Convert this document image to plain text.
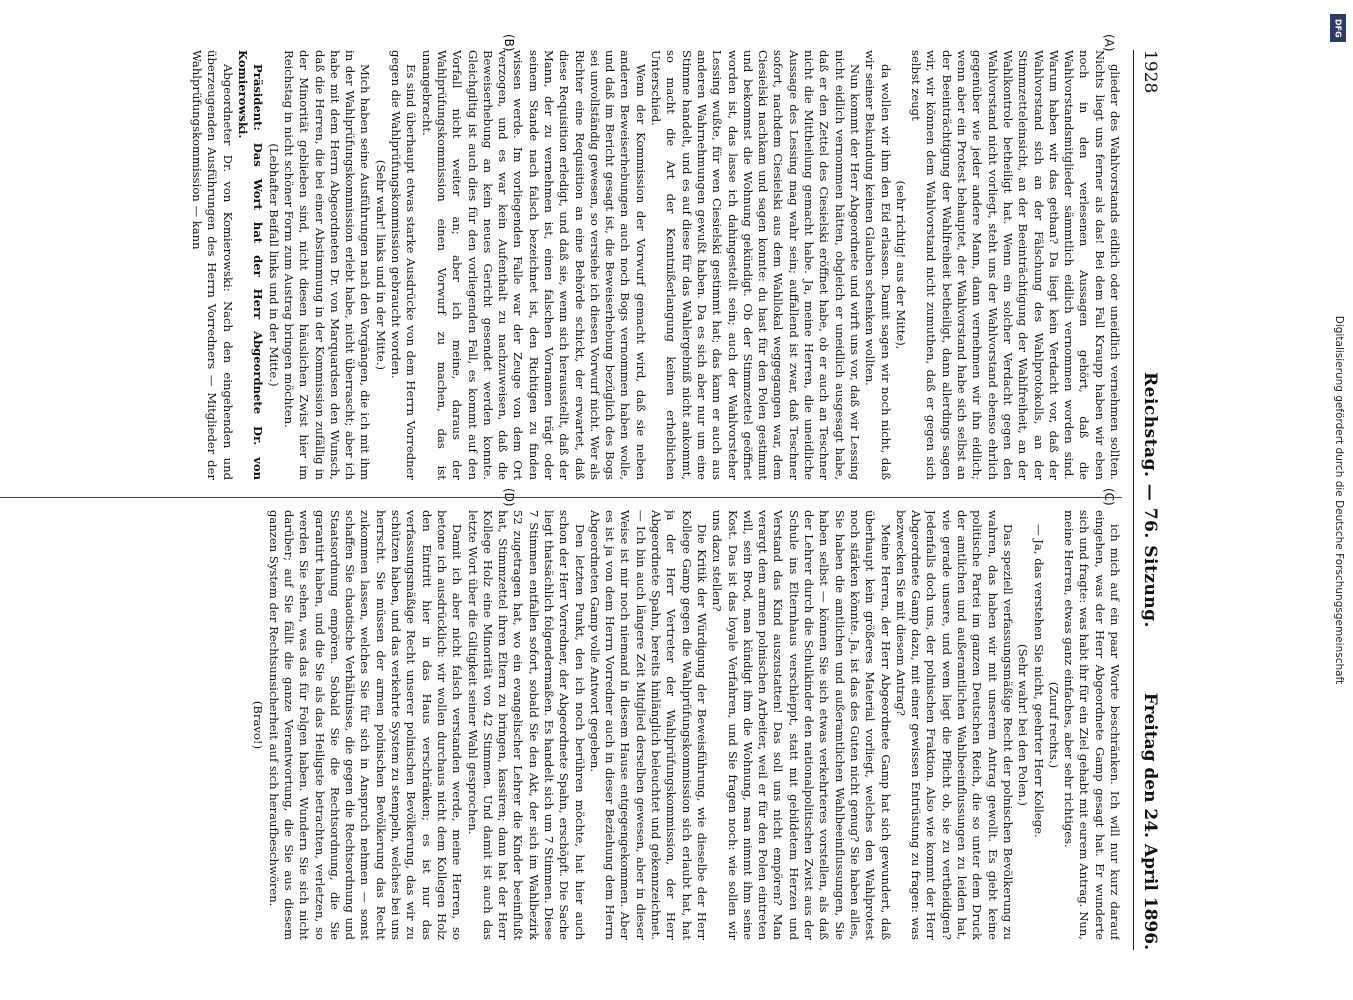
1928
Reichstag. — 76. Sitzung.
Freitag den 24. April 1896.
(A)
(B)
(C)
(D)

glieder des Wahlvorstands eidlich oder uneidlich vernehmen sollten. Nichts liegt uns ferner als das! Bei dem Fall Kraupp haben wir eben noch in den verlesenen Aussagen gehört, daß die Wahlvorstandsmitglieder sämmtlich eidlich vernommen worden sind. Warum haben wir das gethan? Da liegt kein Verdacht vor, daß der Wahlvorstand sich an der Fälschung des Wahlprotokolls, an der Stimmzetteleinsicht, an der Beeinträchtigung der Wahlfreiheit, an der Wahlkontrole betheiligt hat. Wenn ein solcher Verdacht gegen den Wahlvorstand nicht vorliegt, steht uns der Wahlvorstand ebenso ehrlich gegenüber wie jeder andere Mann, dann vernehmen wir ihn eidlich; wenn aber ein Protest behauptet, der Wahlvorstand habe sich selbst an der Beeinträchtigung der Wahlfreiheit betheiligt, dann allerdings sagen wir, wir können dem Wahlvorstand nicht zumuthen, daß er gegen sich selbst zeugt

(sehr richtig! aus der Mitte),

da wollen wir ihm den Eid erlassen. Damit sagen wir noch nicht, daß wir seiner Bekundung keinen Glauben schenken wollten.

Nun kommt der Herr Abgeordnete und wirft uns vor, daß wir Lessing nicht eidlich vernommen hätten, obgleich er uneidlich ausgesagt habe, daß er den Zettel des Ciesielski eröffnet habe, ob er auch an Teschner nicht die Mittheilung gemacht habe. Ja, meine Herren, die uneidliche Aussage des Lessing mag wahr sein; auffallend ist zwar, daß Teschner sofort, nachdem Ciesielski aus dem Wahllokal weggegangen war, dem Ciesielski nachkam und sagen konnte: du hast für den Polen gestimmt und bekommst die Wohnung gekündigt. Ob der Stimmzettel geöffnet worden ist, das lasse ich dahingestellt sein; auch der Wahlvorsteher Lessing wußte, für wen Ciesielski gestimmt hat; das kann er auch aus anderen Wahrnehmungen gewußt haben. Da es sich aber nur um eine Stimme handelt, und es auf diese für das Wahlergebniß nicht ankommt, so macht die Art der Kenntnißerlangung keinen erheblichen Unterschied.

Wenn der Kommission der Vorwurf gemacht wird, daß sie neben anderen Beweiserhebungen auch noch Bogs vernommen haben wolle, und daß im Bericht gesagt ist, die Beweiserhebung bezüglich des Bogs sei unvollständig gewesen, so versiehe ich diesen Vorwurf nicht. Wer als Richter eine Requisition an eine Behörde schickt, der erwartet, daß diese Requisition erledigt, und daß sie, wenn sich herausstellt, daß der Mann, der zu vernehmen ist, einen falschen Vornamen trägt oder seinem Stande nach falsch bezeichnet ist, den Richtigen zu finden wissen werde. Im vorliegenden Falle war der Zeuge von dem Ort verzogen, und es war kein Aufenthalt zu nachzuweisen, daß die Beweiserhebung an kein neues Gericht gesendet werden konnte. Gleichgiltig ist auch dies für den vorliegenden Fall, es kommt auf den Vorfall nicht weiter an; aber ich meine, daraus der Wahlprüfungskommission einen Vorwurf zu machen, das ist unangebracht.

Es sind überhaupt etwas starke Ausdrücke von dem Herrn Vorredner gegen die Wahlprüfungskommission gebraucht worden.

(Sehr wahr! links und in der Mitte.)

Mich haben seine Ausführungen nach den Vorgängen, die ich mit ihm in der Wahlprüfungskommission erlebt habe, nicht überrascht; aber ich habe mit dem Herrn Abgeordneten Dr. von Marquardsen den Wunsch, daß die Herren, die bei einer Abstimmung in der Kommission zufällig in der Minorität geblieben sind, nicht diesen häuslichen Zwist hier im Reichstag in nicht schöner Form zum Austrag bringen möchten.

(Lebhafter Beifall links und in der Mitte.)

Präsident: Das Wort hat der Herr Abgeordnete Dr. von Komierowski.

Abgeordneter Dr. von Komierowski: Nach den eingehenden und überzeugenden Ausführungen des Herrn Vorredners — Mitglieder der Wahlprüfungskommission — kann

ich mich auf ein paar Worte beschränken. Ich will nur kurz darauf eingehen, was der Herr Abgeordnete Gamp gesagt hat. Er wunderte sich und fragte: was habt ihr für ein Ziel gehabt mit eurem Antrag. Nun, meine Herren, etwas ganz einfaches, aber sehr richtiges.

(Zuruf rechts.)

— Ja, das verstehen Sie nicht, geehrter Herr Kollege.

(Sehr wahr! bei den Polen.)

Das speziell verfassungsmäßige Recht der polnischen Bevölkerung zu wahren, das haben wir mit unserem Antrag gewollt. Es giebt keine politische Partei im ganzen Deutschen Reich, die so unter dem Druck der amtlichen und außeramtlichen Wahlbeeinflussungen zu leiden hat, wie gerade unsere, und wem liegt die Pflicht ob, sie zu vertheidigen? Jedenfalls doch uns, der polnischen Fraktion. Also wie kommt der Herr Abgeordnete Gamp dazu, mit einer gewissen Entrüstung zu fragen: was bezwecken Sie mit diesem Antrag?

Meine Herren, der Herr Abgeordnete Gamp hat sich gewundert, daß überhaupt kein größeres Material vorliegt, welches den Wahlprotest noch stärken könnte. Ja, ist das des Guten nicht genug? Sie haben alles, Sie haben die amtlichen und außeramtlichen Wahlbeeinflussungen, Sie haben selbst — können Sie sich etwas verkehrteres vorstellen, als daß der Lehrer durch die Schulkinder den nationalpolitischen Zwist aus der Schule ins Elternhaus verschleppt, statt mit gebildetem Herzen und Verstand das Kind auszustatten! Das soll uns nicht empören? Man verargt dem armen polnischen Arbeiter, weil er für den Polen eintreten will, sein Brod, man kündigt ihm die Wohnung, man nimmt ihm seine Kost. Das ist das loyale Verfahren, und Sie fragen noch: wie sollen wir uns dazu stellen?

Die Kritik der Würdigung der Beweisführung, wie dieselbe der Herr Kollege Gamp gegen die Wahlprüfungskommission sich erlaubt hat, hat ja der Herr Vertreter der Wahlprüfungskommission, der Herr Abgeordnete Spahn, bereits hinlänglich beleuchtet und gekennzeichnet. — Ich bin auch längere Zeit Mitglied derselben gewesen, aber in dieser Weise ist mir noch niemand in diesem Hause entgegengekommen. Aber es ist ja von dem Herrn Vorredner auch in dieser Beziehung dem Herrn Abgeordneten Gamp volle Antwort gegeben.

Den letzten Punkt, den ich noch berühren möchte, hat hier auch schon der Herr Vorredner, der Abgeordnete Spahn, erschöpft. Die Sache liegt thatsächlich folgendermaßen. Es handelt sich um 7 Stimmen. Diese 7 Stimmen entfallen sofort, sobald Sie den Akt, der sich im Wahlbezirk 52 zugetragen hat, wo ein evangelischer Lehrer die Kinder beeinflußt hat, Stimmzettel ihren Eltern zu bringen, kassiren; dann hat der Herr Kollege Holz eine Minorität von 42 Stimmen. Und damit ist auch das letzte Wort über die Giltigkeit seiner Wahl gesprochen.

Damit ich aber nicht falsch verstanden werde, meine Herren, so betone ich ausdrücklich: wir wollen durchaus nicht dem Kollegen Holz den Eintritt hier in das Haus verschränken; es ist nur das verfassungsmäßige Recht unserer polnischen Bevölkerung, das wir zu schützen haben, und das verkehrte System zu stempeln, welches bei uns herrscht. Sie müssen der armen polnischen Bevölkerung das Recht zukommen lassen, welches Sie für sich in Anspruch nehmen — sonst schaffen Sie chaotische Verhältnisse, die gegen die Rechtsordnung und Staatsordnung empören. Sobald Sie die Rechtsordnung, die Sie garantirt haben, und die Sie als das Heiligste betrachten, verletzen, so werden Sie sehen, was das für Folgen haben. Wundern Sie sich nicht darüber; auf Sie fällt die ganze Verantwortung, die Sie aus diesem ganzen System der Rechtsunsicherheit auf sich heraufbeschwören.

(Bravo!)

DFG
Digitalisierung gefördert durch die Deutsche Forschungsgemeinschaft
